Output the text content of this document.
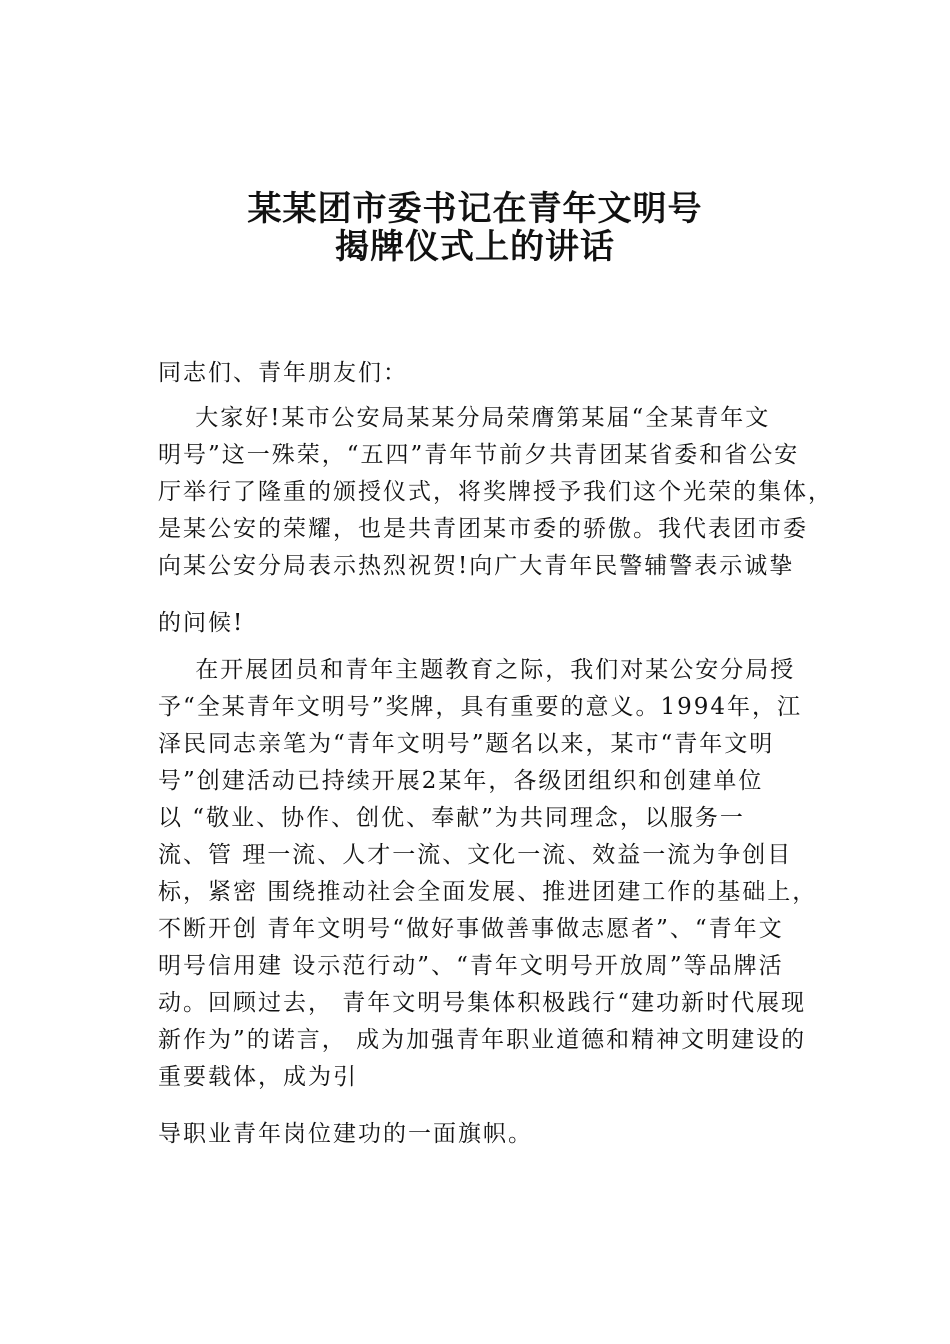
某某团市委书记在青年文明号
揭牌仪式上的讲话
同志们、青年朋友们：
大家好!某市公安局某某分局荣膺第某届“全某青年文
明号”这一殊荣，“五四”青年节前夕共青团某省委和省公安
厅举行了隆重的颁授仪式，将奖牌授予我们这个光荣的集体，
是某公安的荣耀，也是共青团某市委的骄傲。我代表团市委
向某公安分局表示热烈祝贺!向广大青年民警辅警表示诚挚
的问候!
在开展团员和青年主题教育之际，我们对某公安分局授
予“全某青年文明号”奖牌，具有重要的意义。1994年，江
泽民同志亲笔为“青年文明号”题名以来，某市“青年文明
号”创建活动已持续开展2某年，各级团组织和创建单位
以 “敬业、协作、创优、奉献”为共同理念，以服务一
流、管 理一流、人才一流、文化一流、效益一流为争创目
标，紧密 围绕推动社会全面发展、推进团建工作的基础上，
不断开创 青年文明号“做好事做善事做志愿者”、“青年文
明号信用建 设示范行动”、“青年文明号开放周”等品牌活
动。回顾过去， 青年文明号集体积极践行“建功新时代展现
新作为”的诺言， 成为加强青年职业道德和精神文明建设的
重要载体，成为引
导职业青年岗位建功的一面旗帜。
